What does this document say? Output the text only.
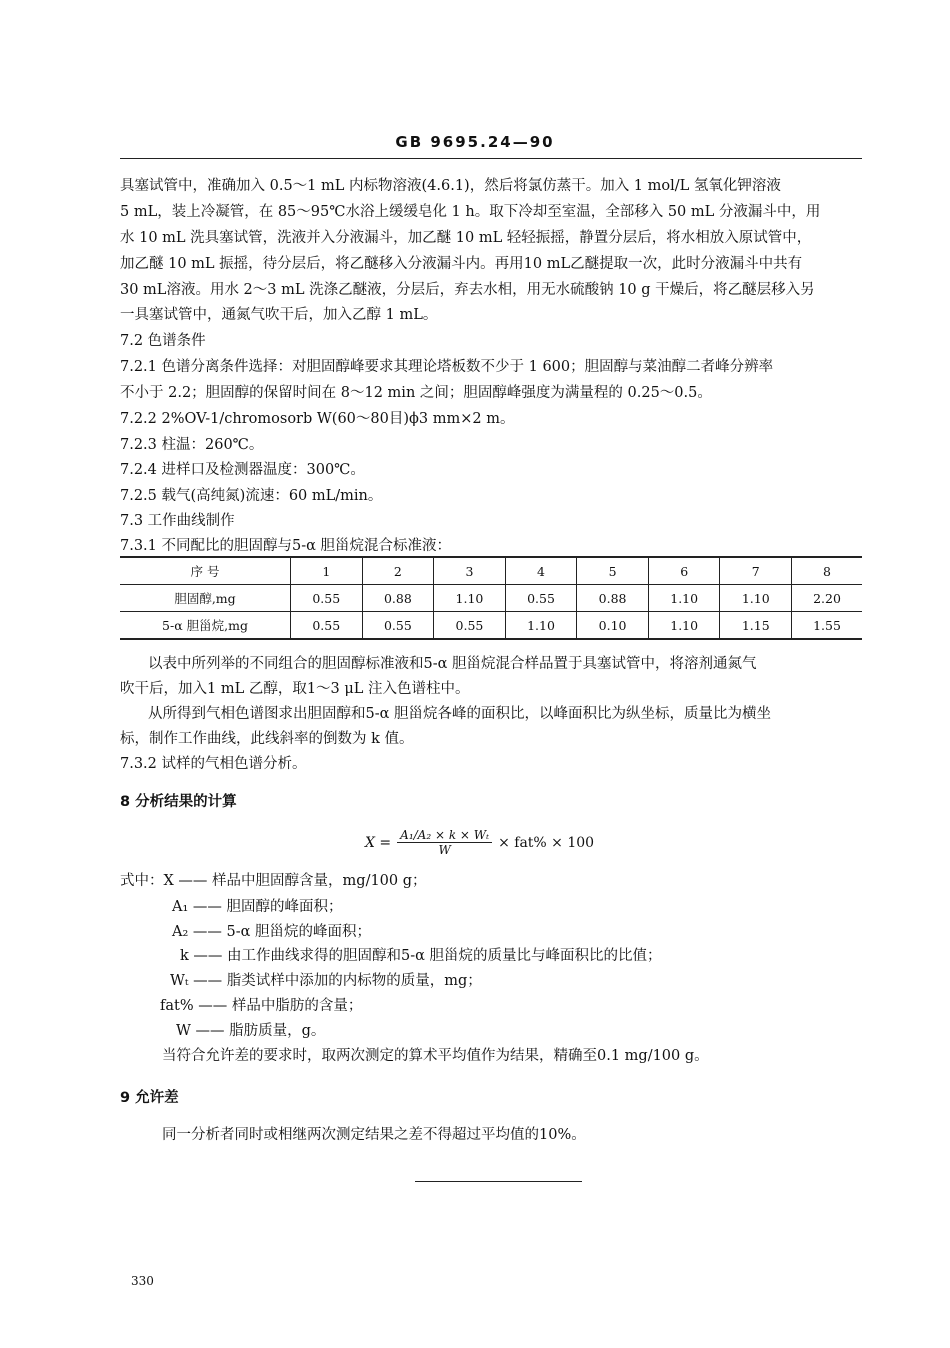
GB 9695.24—90
具塞试管中，准确加入 0.5～1 mL 内标物溶液(4.6.1)，然后将氯仿蒸干。加入 1 mol/L 氢氧化钾溶液
5 mL，装上冷凝管，在 85～95℃水浴上缓缓皂化 1 h。取下冷却至室温，全部移入 50 mL 分液漏斗中，用
水 10 mL 洗具塞试管，洗液并入分液漏斗，加乙醚 10 mL 轻轻振摇，静置分层后，将水相放入原试管中，
加乙醚 10 mL 振摇，待分层后，将乙醚移入分液漏斗内。再用10 mL乙醚提取一次，此时分液漏斗中共有
30 mL溶液。用水 2～3 mL 洗涤乙醚液，分层后，弃去水相，用无水硫酸钠 10 g 干燥后，将乙醚层移入另
一具塞试管中，通氮气吹干后，加入乙醇 1 mL。
7.2 色谱条件
7.2.1 色谱分离条件选择：对胆固醇峰要求其理论塔板数不少于 1 600；胆固醇与菜油醇二者峰分辨率
不小于 2.2；胆固醇的保留时间在 8～12 min 之间；胆固醇峰强度为满量程的 0.25～0.5。
7.2.2 2%OV-1/chromosorb W(60～80目)ϕ3 mm×2 m。
7.2.3 柱温：260℃。
7.2.4 进样口及检测器温度：300℃。
7.2.5 载气(高纯氮)流速：60 mL/min。
7.3 工作曲线制作
7.3.1 不同配比的胆固醇与5-α 胆甾烷混合标准液：
序 号	1	2	3	4	5	6	7	8
胆固醇,mg	0.55	0.88	1.10	0.55	0.88	1.10	1.10	2.20
5-α 胆甾烷,mg	0.55	0.55	0.55	1.10	0.10	1.10	1.15	1.55
以表中所列举的不同组合的胆固醇标准液和5-α 胆甾烷混合样品置于具塞试管中，将溶剂通氮气
吹干后，加入1 mL 乙醇，取1～3 μL 注入色谱柱中。
从所得到气相色谱图求出胆固醇和5-α 胆甾烷各峰的面积比，以峰面积比为纵坐标，质量比为横坐
标，制作工作曲线，此线斜率的倒数为 k 值。
7.3.2 试样的气相色谱分析。
8 分析结果的计算
$X = \frac{\text{A₁/A₂ × k × Wₜ}}{W} \times fat\% \times 100$
式中：X —— 样品中胆固醇含量，mg/100 g；
A₁ —— 胆固醇的峰面积；
A₂ —— 5-α 胆甾烷的峰面积；
k —— 由工作曲线求得的胆固醇和5-α 胆甾烷的质量比与峰面积比的比值；
Wₜ —— 脂类试样中添加的内标物的质量，mg；
fat% —— 样品中脂肪的含量；
W —— 脂肪质量，g。
当符合允许差的要求时，取两次测定的算术平均值作为结果，精确至0.1 mg/100 g。
9 允许差
同一分析者同时或相继两次测定结果之差不得超过平均值的10%。
330
